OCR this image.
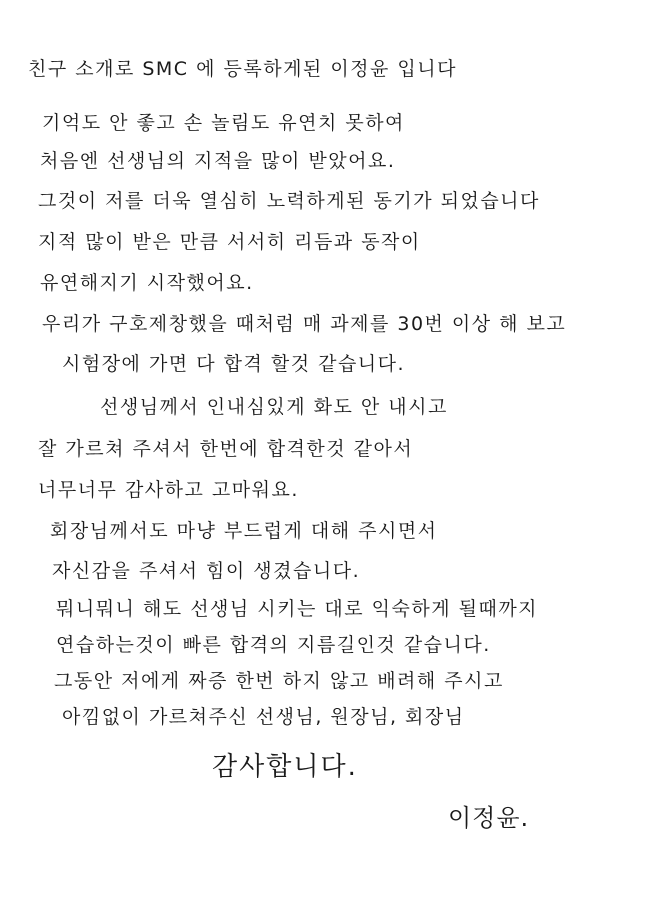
친구 소개로 SMC 에 등록하게된 이정윤 입니다
기억도 안 좋고 손 놀림도 유연치 못하여
처음엔 선생님의 지적을 많이 받았어요.
그것이 저를 더욱 열심히 노력하게된 동기가 되었습니다
지적 많이 받은 만큼 서서히 리듬과 동작이
유연해지기 시작했어요.
우리가 구호제창했을 때처럼 매 과제를 30번 이상 해 보고
시험장에 가면 다 합격 할것 같습니다.
선생님께서 인내심있게 화도 안 내시고
잘 가르쳐 주셔서 한번에 합격한것 같아서
너무너무 감사하고 고마워요.
회장님께서도 마냥 부드럽게 대해 주시면서
자신감을 주셔서 힘이 생겼습니다.
뭐니뭐니 해도 선생님 시키는 대로 익숙하게 될때까지
연습하는것이 빠른 합격의 지름길인것 같습니다.
그동안 저에게 짜증 한번 하지 않고 배려해 주시고
아낌없이 가르쳐주신 선생님, 원장님, 회장님
감사합니다.
이정윤.
